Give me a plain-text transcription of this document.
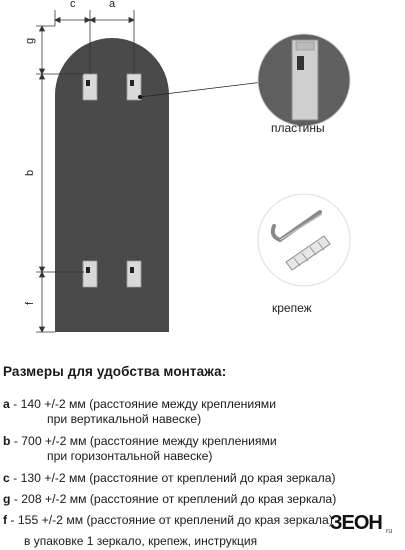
c	a
g
b
f
пластины
крепеж
Размеры для удобства монтажа:
a - 140 +/-2 мм (расстояние между креплениями
при вертикальной навеске)
b - 700 +/-2 мм (расстояние между креплениями
при горизонтальной навеске)
c - 130 +/-2 мм (расстояние от креплений до края зеркала)
g - 208 +/-2 мм (расстояние от креплений до края зеркала)
f - 155 +/-2 мм (расстояние от креплений до края зеркала)
в упаковке 1 зеркало, крепеж, инструкция
ЗЕОН ru
